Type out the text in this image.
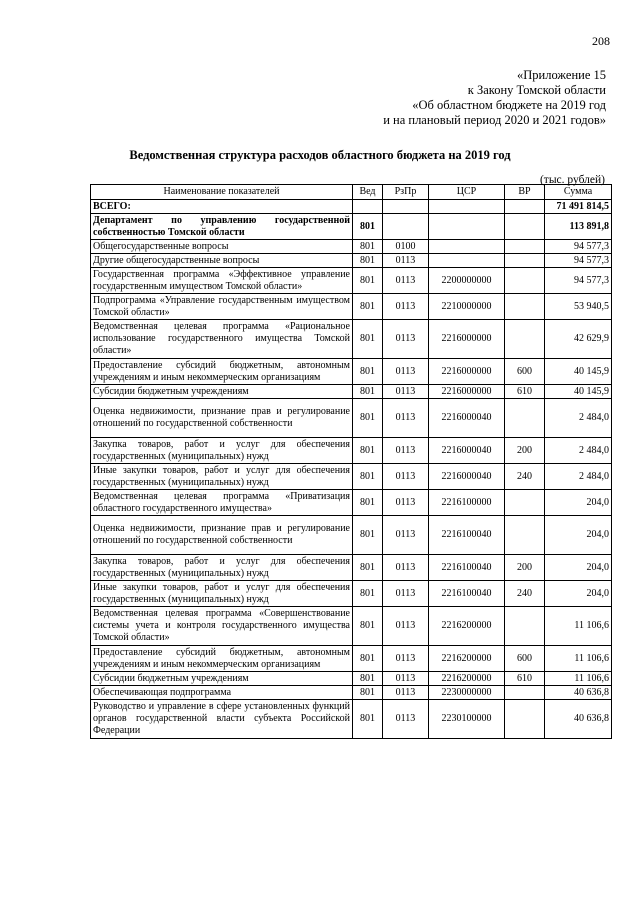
208
«Приложение 15
к Закону Томской области
«Об областном бюджете на 2019 год
и на плановый период 2020 и 2021 годов»
Ведомственная структура расходов областного бюджета на 2019 год
(тыс. рублей)
Наименование показателей	Вед	РзПр	ЦСР	ВР	Сумма
ВСЕГО:					71 491 814,5
Департамент по управлению государственной собственностью Томской области	801				113 891,8
Общегосударственные вопросы	801	0100			94 577,3
Другие общегосударственные вопросы	801	0113			94 577,3
Государственная программа «Эффективное управление государственным имуществом Томской области»	801	0113	2200000000		94 577,3
Подпрограмма «Управление государственным имуществом Томской области»	801	0113	2210000000		53 940,5
Ведомственная целевая программа «Рациональное использование государственного имущества Томской области»	801	0113	2216000000		42 629,9
Предоставление субсидий бюджетным, автономным учреждениям и иным некоммерческим организациям	801	0113	2216000000	600	40 145,9
Субсидии бюджетным учреждениям	801	0113	2216000000	610	40 145,9
Оценка недвижимости, признание прав и регулирование отношений по государственной собственности	801	0113	2216000040		2 484,0
Закупка товаров, работ и услуг для обеспечения государственных (муниципальных) нужд	801	0113	2216000040	200	2 484,0
Иные закупки товаров, работ и услуг для обеспечения государственных (муниципальных) нужд	801	0113	2216000040	240	2 484,0
Ведомственная целевая программа «Приватизация областного государственного имущества»	801	0113	2216100000		204,0
Оценка недвижимости, признание прав и регулирование отношений по государственной собственности	801	0113	2216100040		204,0
Закупка товаров, работ и услуг для обеспечения государственных (муниципальных) нужд	801	0113	2216100040	200	204,0
Иные закупки товаров, работ и услуг для обеспечения государственных (муниципальных) нужд	801	0113	2216100040	240	204,0
Ведомственная целевая программа «Совершенствование системы учета и контроля государственного имущества Томской области»	801	0113	2216200000		11 106,6
Предоставление субсидий бюджетным, автономным учреждениям и иным некоммерческим организациям	801	0113	2216200000	600	11 106,6
Субсидии бюджетным учреждениям	801	0113	2216200000	610	11 106,6
Обеспечивающая подпрограмма	801	0113	2230000000		40 636,8
Руководство и управление в сфере установленных функций органов государственной власти субъекта Российской Федерации	801	0113	2230100000		40 636,8
